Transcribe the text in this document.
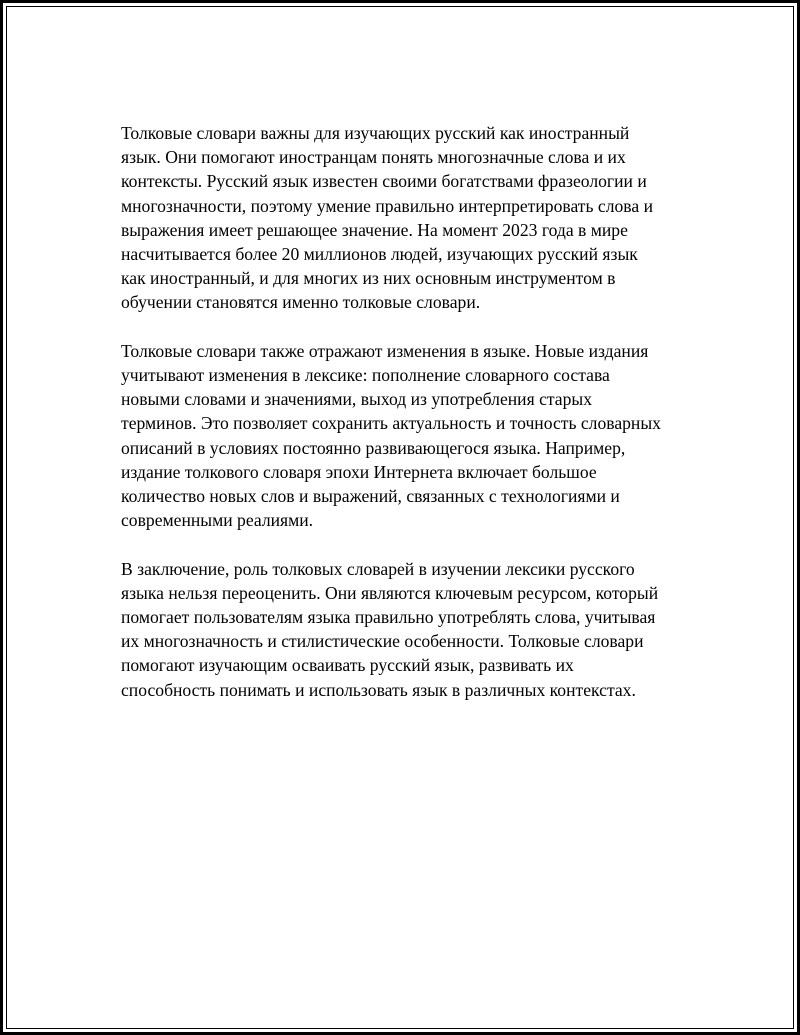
Толковые словари важны для изучающих русский как иностранный
язык. Они помогают иностранцам понять многозначные слова и их
контексты. Русский язык известен своими богатствами фразеологии и
многозначности, поэтому умение правильно интерпретировать слова и
выражения имеет решающее значение. На момент 2023 года в мире
насчитывается более 20 миллионов людей, изучающих русский язык
как иностранный, и для многих из них основным инструментом в
обучении становятся именно толковые словари.

Толковые словари также отражают изменения в языке. Новые издания
учитывают изменения в лексике: пополнение словарного состава
новыми словами и значениями, выход из употребления старых
терминов. Это позволяет сохранить актуальность и точность словарных
описаний в условиях постоянно развивающегося языка. Например,
издание толкового словаря эпохи Интернета включает большое
количество новых слов и выражений, связанных с технологиями и
современными реалиями.

В заключение, роль толковых словарей в изучении лексики русского
языка нельзя переоценить. Они являются ключевым ресурсом, который
помогает пользователям языка правильно употреблять слова, учитывая
их многозначность и стилистические особенности. Толковые словари
помогают изучающим осваивать русский язык, развивать их
способность понимать и использовать язык в различных контекстах.
